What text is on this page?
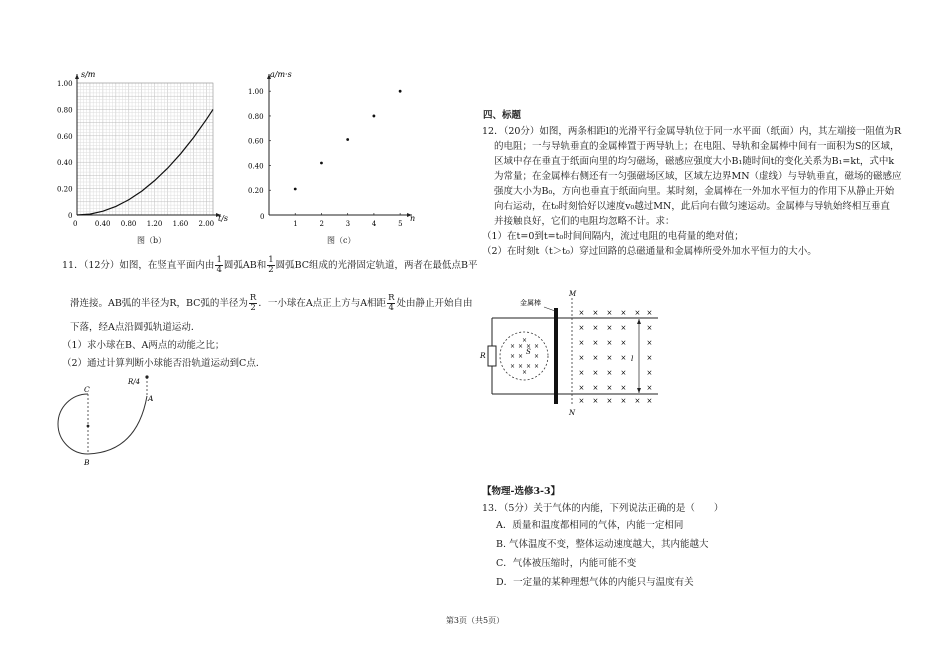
0 0.40 0.80 1.20 1.60 2.00
0
0.20
0.40
0.60
0.80
1.00
s/m
t/s
图（b）
1	2	3	4	5
0
0.20
0.40
0.60
0.80
1.00
a/m·s
n
图（c）
11．（12分）如图，在竖直平面内由 $\frac{1}{4}$ 圆弧AB和 $\frac{1}{2}$ 圆弧BC组成的光滑固定轨道，两者在最低点B平
滑连接。AB弧的半径为R，BC弧的半径为 $\frac{R}{2}$ ．一小球在A点正上方与A相距 $\frac{R}{4}$ 处由静止开始自由
下落，经A点沿圆弧轨道运动．
（1）求小球在B、A两点的动能之比；
（2）通过计算判断小球能否沿轨道运动到C点．
R/4
A
B
C
四、标题
12．（20分）如图，两条相距l的光滑平行金属导轨位于同一水平面（纸面）内，其左端接一阻值为R
的电阻；一与导轨垂直的金属棒置于两导轨上；在电阻、导轨和金属棒中间有一面积为S的区域，
区域中存在垂直于纸面向里的均匀磁场，磁感应强度大小B₁随时间t的变化关系为B₁=kt，式中k
为常量；在金属棒右侧还有一匀强磁场区域，区域左边界MN（虚线）与导轨垂直，磁场的磁感应
强度大小为B₀，方向也垂直于纸面向里。某时刻，金属棒在一外加水平恒力的作用下从静止开始
向右运动，在t₀时刻恰好以速度v₀越过MN，此后向右做匀速运动。金属棒与导轨始终相互垂直
并接触良好，它们的电阻均忽略不计。求：
（1）在t=0到t=t₀时间间隔内，流过电阻的电荷量的绝对值；
（2）在时刻t（t＞t₀）穿过回路的总磁通量和金属棒所受外加水平恒力的大小。
R
× × × ×
× × ×
× × × ×
×
×
S
金属棒
M
N
× × × × × ×
× × × ×	×
× × × ×	×
× × × ×	×
× × × ×	×
× × × ×	×
× × × × × ×
l
【物理-选修3-3】
13．（5分）关于气体的内能，下列说法正确的是（　　）
A．质量和温度都相同的气体，内能一定相同
B. 气体温度不变，整体运动速度越大，其内能越大
C．气体被压缩时，内能可能不变
D．一定量的某种理想气体的内能只与温度有关
第3页（共5页）
